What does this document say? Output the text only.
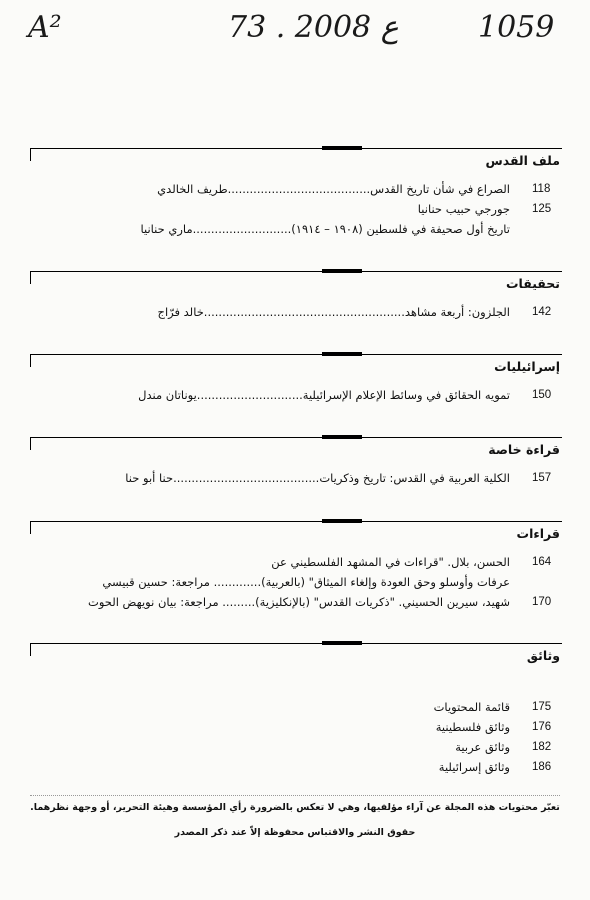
A²	73 . ع 2008	1059
ملف القدس
118
الصراع في شأن تاريخ القدس.......................................طريف الخالدي
125
جورجي حبيب حنانيا
تاريخ أول صحيفة في فلسطين (١٩٠٨ – ١٩١٤)...........................ماري حنانيا
تحقيقات
142
الجلزون: أربعة مشاهد.......................................................خالد فرّاج
إسرائيليات
150
تمويه الحقائق في وسائط الإعلام الإسرائيلية.............................يوناتان مندل
قراءة خاصة
157
الكلية العربية في القدس: تاريخ وذكريات........................................حنا أبو حنا
قراءات
164
الحسن، بلال. "قراءات في المشهد الفلسطيني عن
عرفات وأوسلو وحق العودة وإلغاء الميثاق" (بالعربية)............. مراجعة: حسين قبيسي
170
شهيد، سيرين الحسيني. "ذكريات القدس" (بالإنكليزية)......... مراجعة: بيان نويهض الحوت
وثائق
175
قائمة المحتويات
176
وثائق فلسطينية
182
وثائق عربية
186
وثائق إسرائيلية
تعبّر محتويات هذه المجلة عن آراء مؤلفيها، وهي لا تعكس بالضرورة رأي المؤسسة وهيئة التحرير، أو وجهة نظرهما.
حقوق النشر والاقتباس محفوظة إلاّ عند ذكر المصدر
